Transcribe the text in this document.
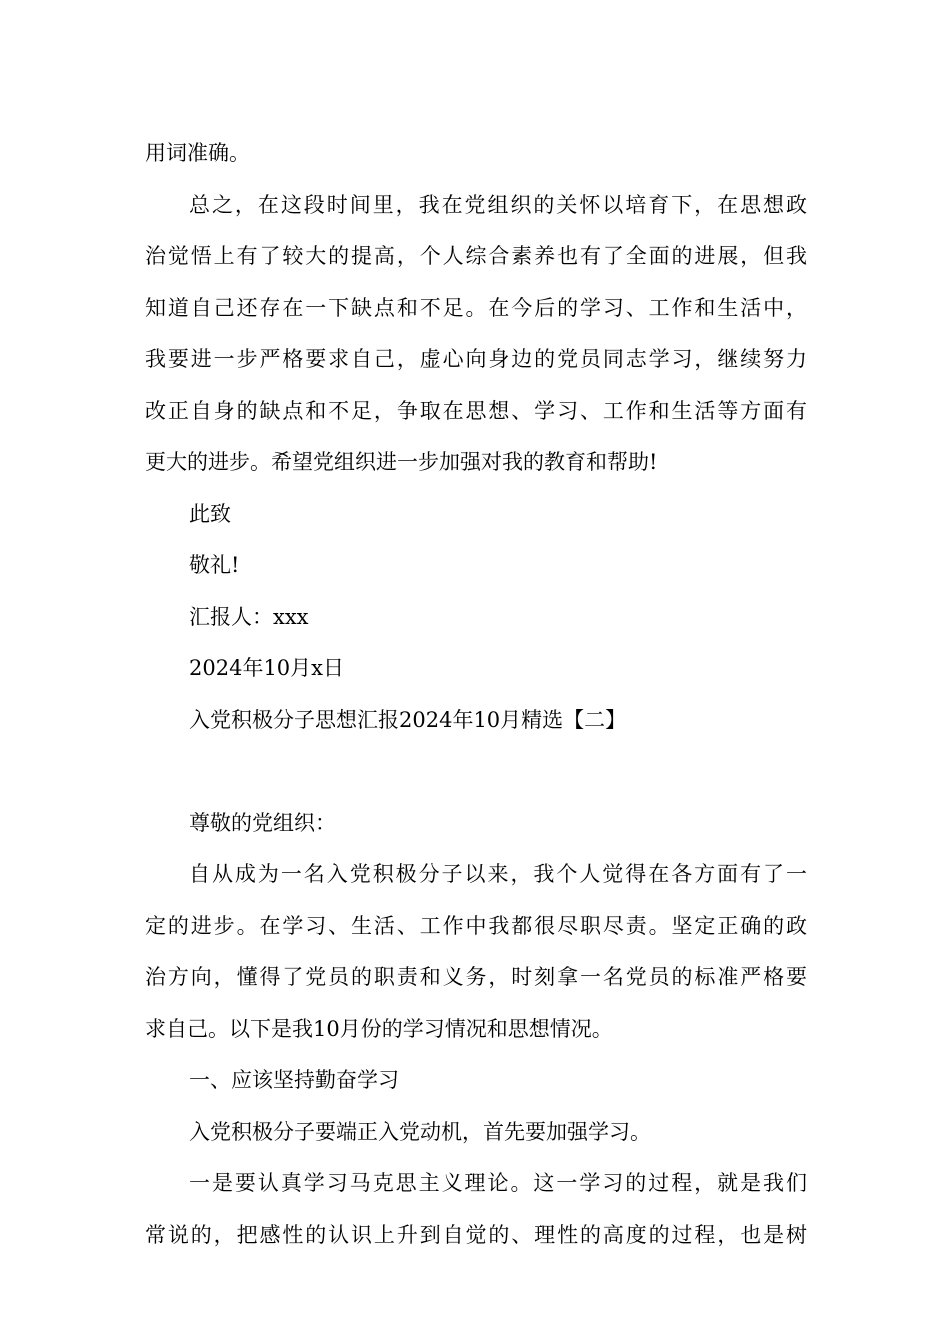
用词准确。
总之，在这段时间里，我在党组织的关怀以培育下，在思想政
治觉悟上有了较大的提高，个人综合素养也有了全面的进展，但我
知道自己还存在一下缺点和不足。在今后的学习、工作和生活中，
我要进一步严格要求自己，虚心向身边的党员同志学习，继续努力
改正自身的缺点和不足，争取在思想、学习、工作和生活等方面有
更大的进步。希望党组织进一步加强对我的教育和帮助!
此致
敬礼!
汇报人：xxx
2024年10月x日
入党积极分子思想汇报2024年10月精选【二】
尊敬的党组织：
自从成为一名入党积极分子以来，我个人觉得在各方面有了一
定的进步。在学习、生活、工作中我都很尽职尽责。坚定正确的政
治方向，懂得了党员的职责和义务，时刻拿一名党员的标准严格要
求自己。以下是我10月份的学习情况和思想情况。
一、应该坚持勤奋学习
入党积极分子要端正入党动机，首先要加强学习。
一是要认真学习马克思主义理论。这一学习的过程，就是我们
常说的，把感性的认识上升到自觉的、理性的高度的过程，也是树
